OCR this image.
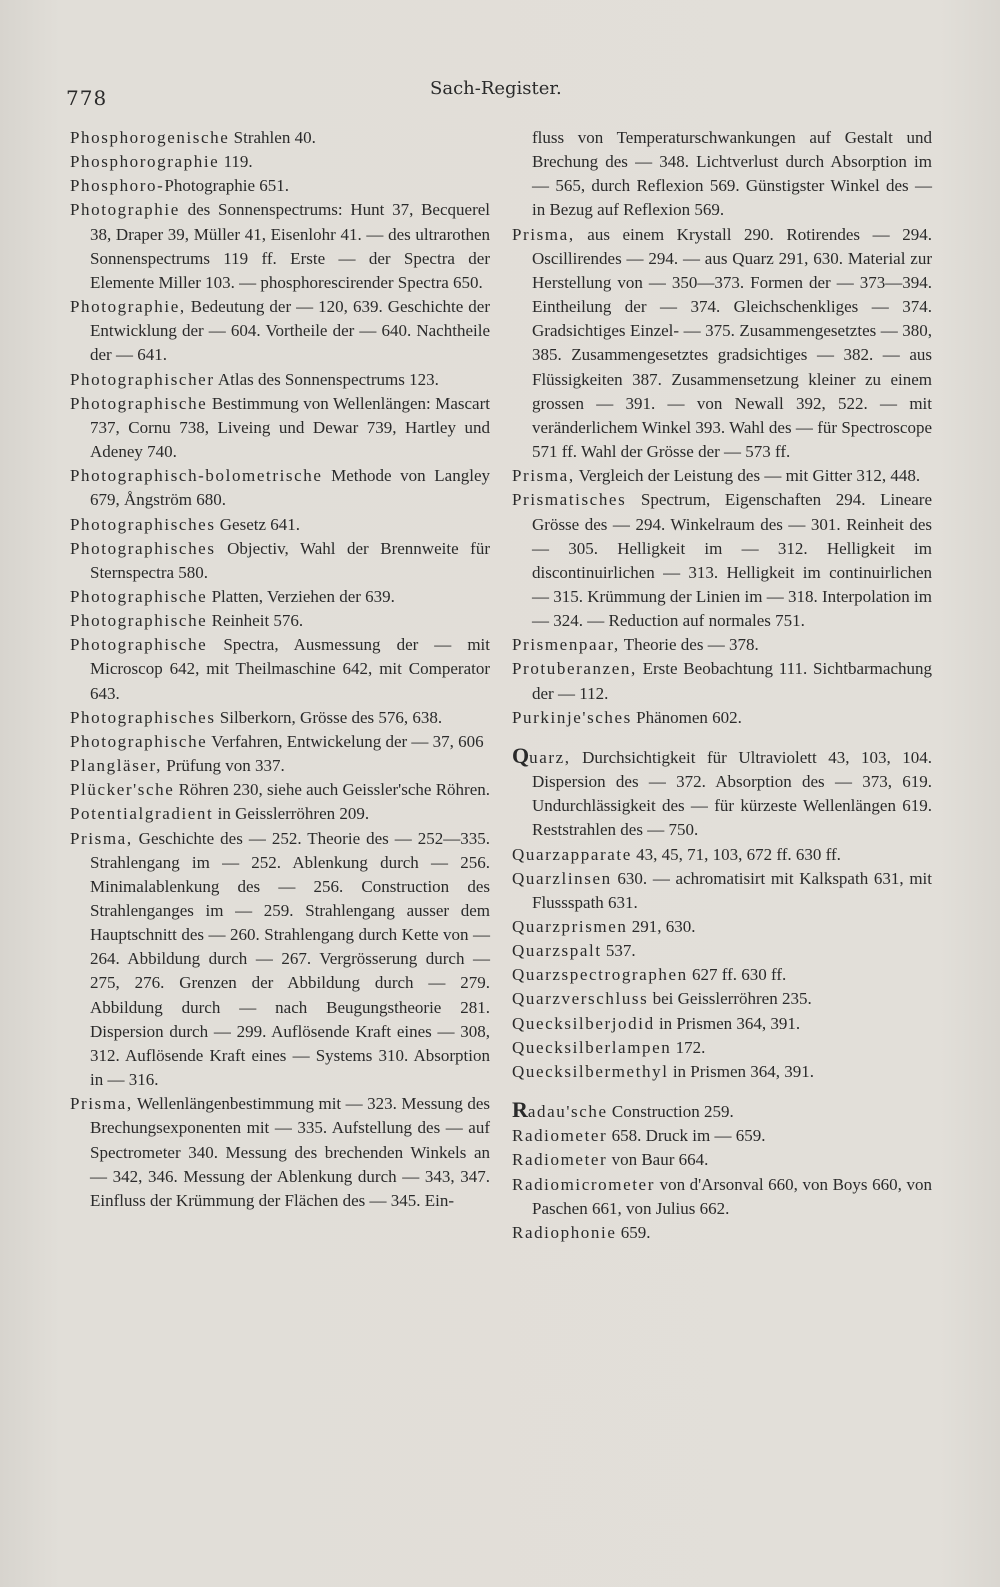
778	Sach-Register.

Phosphorogenische Strahlen 40.

Phosphorographie 119.

Phosphoro-Photographie 651.

Photographie des Sonnenspectrums: Hunt 37, Becquerel 38, Draper 39, Müller 41, Eisenlohr 41. — des ultrarothen Sonnenspectrums 119 ff. Erste — der Spectra der Elemente Miller 103. — phosphorescirender Spectra 650.

Photographie, Bedeutung der — 120, 639. Geschichte der Entwicklung der — 604. Vortheile der — 640. Nachtheile der — 641.

Photographischer Atlas des Sonnenspectrums 123.

Photographische Bestimmung von Wellenlängen: Mascart 737, Cornu 738, Liveing und Dewar 739, Hartley und Adeney 740.

Photographisch-bolometrische Methode von Langley 679, Ångström 680.

Photographisches Gesetz 641.

Photographisches Objectiv, Wahl der Brennweite für Sternspectra 580.

Photographische Platten, Verziehen der 639.

Photographische Reinheit 576.

Photographische Spectra, Ausmessung der — mit Microscop 642, mit Theilmaschine 642, mit Comperator 643.

Photographisches Silberkorn, Grösse des 576, 638.

Photographische Verfahren, Entwickelung der — 37, 606

Plangläser, Prüfung von 337.

Plücker'sche Röhren 230, siehe auch Geissler'sche Röhren.

Potentialgradient in Geisslerröhren 209.

Prisma, Geschichte des — 252. Theorie des — 252—335. Strahlengang im — 252. Ablenkung durch — 256. Minimalablenkung des — 256. Construction des Strahlenganges im — 259. Strahlengang ausser dem Hauptschnitt des — 260. Strahlengang durch Kette von — 264. Abbildung durch — 267. Vergrösserung durch — 275, 276. Grenzen der Abbildung durch — 279. Abbildung durch — nach Beugungstheorie 281. Dispersion durch — 299. Auflösende Kraft eines — 308, 312. Auflösende Kraft eines — Systems 310. Absorption in — 316.

Prisma, Wellenlängenbestimmung mit — 323. Messung des Brechungsexponenten mit — 335. Aufstellung des — auf Spectrometer 340. Messung des brechenden Winkels an — 342, 346. Messung der Ablenkung durch — 343, 347. Einfluss der Krümmung der Flächen des — 345. Ein-

fluss von Temperaturschwankungen auf Gestalt und Brechung des — 348. Lichtverlust durch Absorption im — 565, durch Reflexion 569. Günstigster Winkel des — in Bezug auf Reflexion 569.

Prisma, aus einem Krystall 290. Rotirendes — 294. Oscillirendes — 294. — aus Quarz 291, 630. Material zur Herstellung von — 350—373. Formen der — 373—394. Eintheilung der — 374. Gleichschenkliges — 374. Gradsichtiges Einzel- — 375. Zusammengesetztes — 380, 385. Zusammengesetztes gradsichtiges — 382. — aus Flüssigkeiten 387. Zusammensetzung kleiner zu einem grossen — 391. — von Newall 392, 522. — mit veränderlichem Winkel 393. Wahl des — für Spectroscope 571 ff. Wahl der Grösse der — 573 ff.

Prisma, Vergleich der Leistung des — mit Gitter 312, 448.

Prismatisches Spectrum, Eigenschaften 294. Lineare Grösse des — 294. Winkelraum des — 301. Reinheit des — 305. Helligkeit im — 312. Helligkeit im discontinuirlichen — 313. Helligkeit im continuirlichen — 315. Krümmung der Linien im — 318. Interpolation im — 324. — Reduction auf normales 751.

Prismenpaar, Theorie des — 378.

Protuberanzen, Erste Beobachtung 111. Sichtbarmachung der — 112.

Purkinje'sches Phänomen 602.

Quarz, Durchsichtigkeit für Ultraviolett 43, 103, 104. Dispersion des — 372. Absorption des — 373, 619. Undurchlässigkeit des — für kürzeste Wellenlängen 619. Reststrahlen des — 750.

Quarzapparate 43, 45, 71, 103, 672 ff. 630 ff.

Quarzlinsen 630. — achromatisirt mit Kalkspath 631, mit Flussspath 631.

Quarzprismen 291, 630.

Quarzspalt 537.

Quarzspectrographen 627 ff. 630 ff.

Quarzverschluss bei Geisslerröhren 235.

Quecksilberjodid in Prismen 364, 391.

Quecksilberlampen 172.

Quecksilbermethyl in Prismen 364, 391.

Radau'sche Construction 259.

Radiometer 658. Druck im — 659.

Radiometer von Baur 664.

Radiomicrometer von d'Arsonval 660, von Boys 660, von Paschen 661, von Julius 662.

Radiophonie 659.
